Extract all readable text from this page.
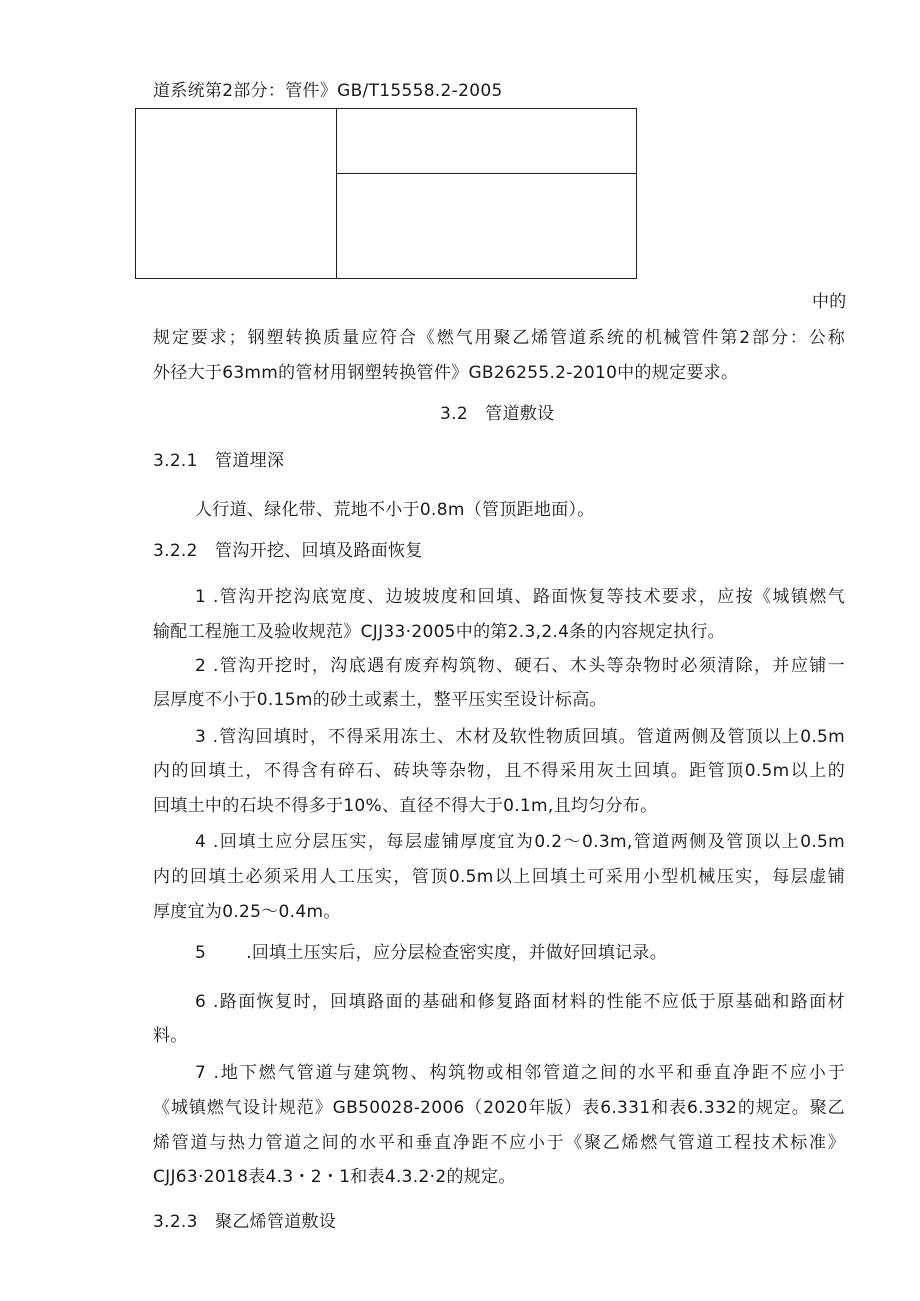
道系统第2部分：管件》GB/T15558.2-2005
中的
规定要求；钢塑转换质量应符合《燃气用聚乙烯管道系统的机械管件第2部分：公称
外径大于63mm的管材用钢塑转换管件》GB26255.2-2010中的规定要求。
3.2　管道敷设
3.2.1　管道埋深
人行道、绿化带、荒地不小于0.8m（管顶距地面）。
3.2.2　管沟开挖、回填及路面恢复
1 .管沟开挖沟底宽度、边坡坡度和回填、路面恢复等技术要求，应按《城镇燃气
输配工程施工及验收规范》CJJ33·2005中的第2.3,2.4条的内容规定执行。
2 .管沟开挖时，沟底遇有废弃构筑物、硬石、木头等杂物时必须清除，并应铺一
层厚度不小于0.15m的砂土或素土，整平压实至设计标高。
3 .管沟回填时，不得采用冻土、木材及软性物质回填。管道两侧及管顶以上0.5m
内的回填土，不得含有碎石、砖块等杂物，且不得采用灰土回填。距管顶0.5m以上的
回填土中的石块不得多于10%、直径不得大于0.1m,且均匀分布。
4 .回填土应分层压实，每层虚铺厚度宜为0.2～0.3m,管道两侧及管顶以上0.5m
内的回填土必须采用人工压实，管顶0.5m以上回填土可采用小型机械压实，每层虚铺
厚度宜为0.25～0.4m。
5 .回填土压实后，应分层检查密实度，并做好回填记录。
6 .路面恢复时，回填路面的基础和修复路面材料的性能不应低于原基础和路面材
料。
7 .地下燃气管道与建筑物、构筑物或相邻管道之间的水平和垂直净距不应小于
《城镇燃气设计规范》GB50028-2006（2020年版）表6.331和表6.332的规定。聚乙
烯管道与热力管道之间的水平和垂直净距不应小于《聚乙烯燃气管道工程技术标准》
CJJ63·2018表4.3・2・1和表4.3.2·2的规定。
3.2.3　聚乙烯管道敷设
